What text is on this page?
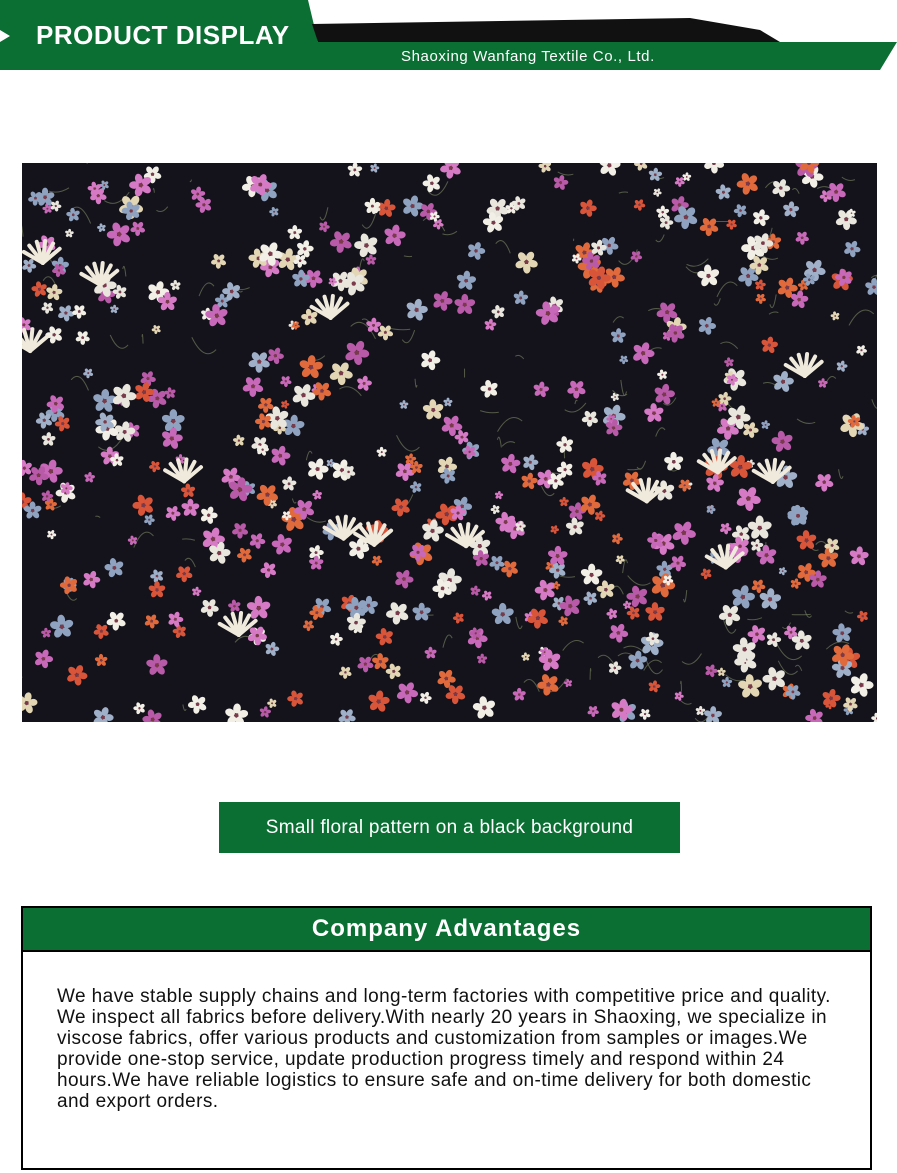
PRODUCT DISPLAY
Shaoxing Wanfang Textile Co., Ltd.
Small floral pattern on a black background
Company Advantages
We have stable supply chains and long-term factories with competitive price and quality. We inspect all fabrics before delivery.With nearly 20 years in Shaoxing, we specialize in viscose fabrics, offer various products and customization from samples or images.We provide one-stop service, update production progress timely and respond within 24 hours.We have reliable logistics to ensure safe and on-time delivery for both domestic and export orders.
